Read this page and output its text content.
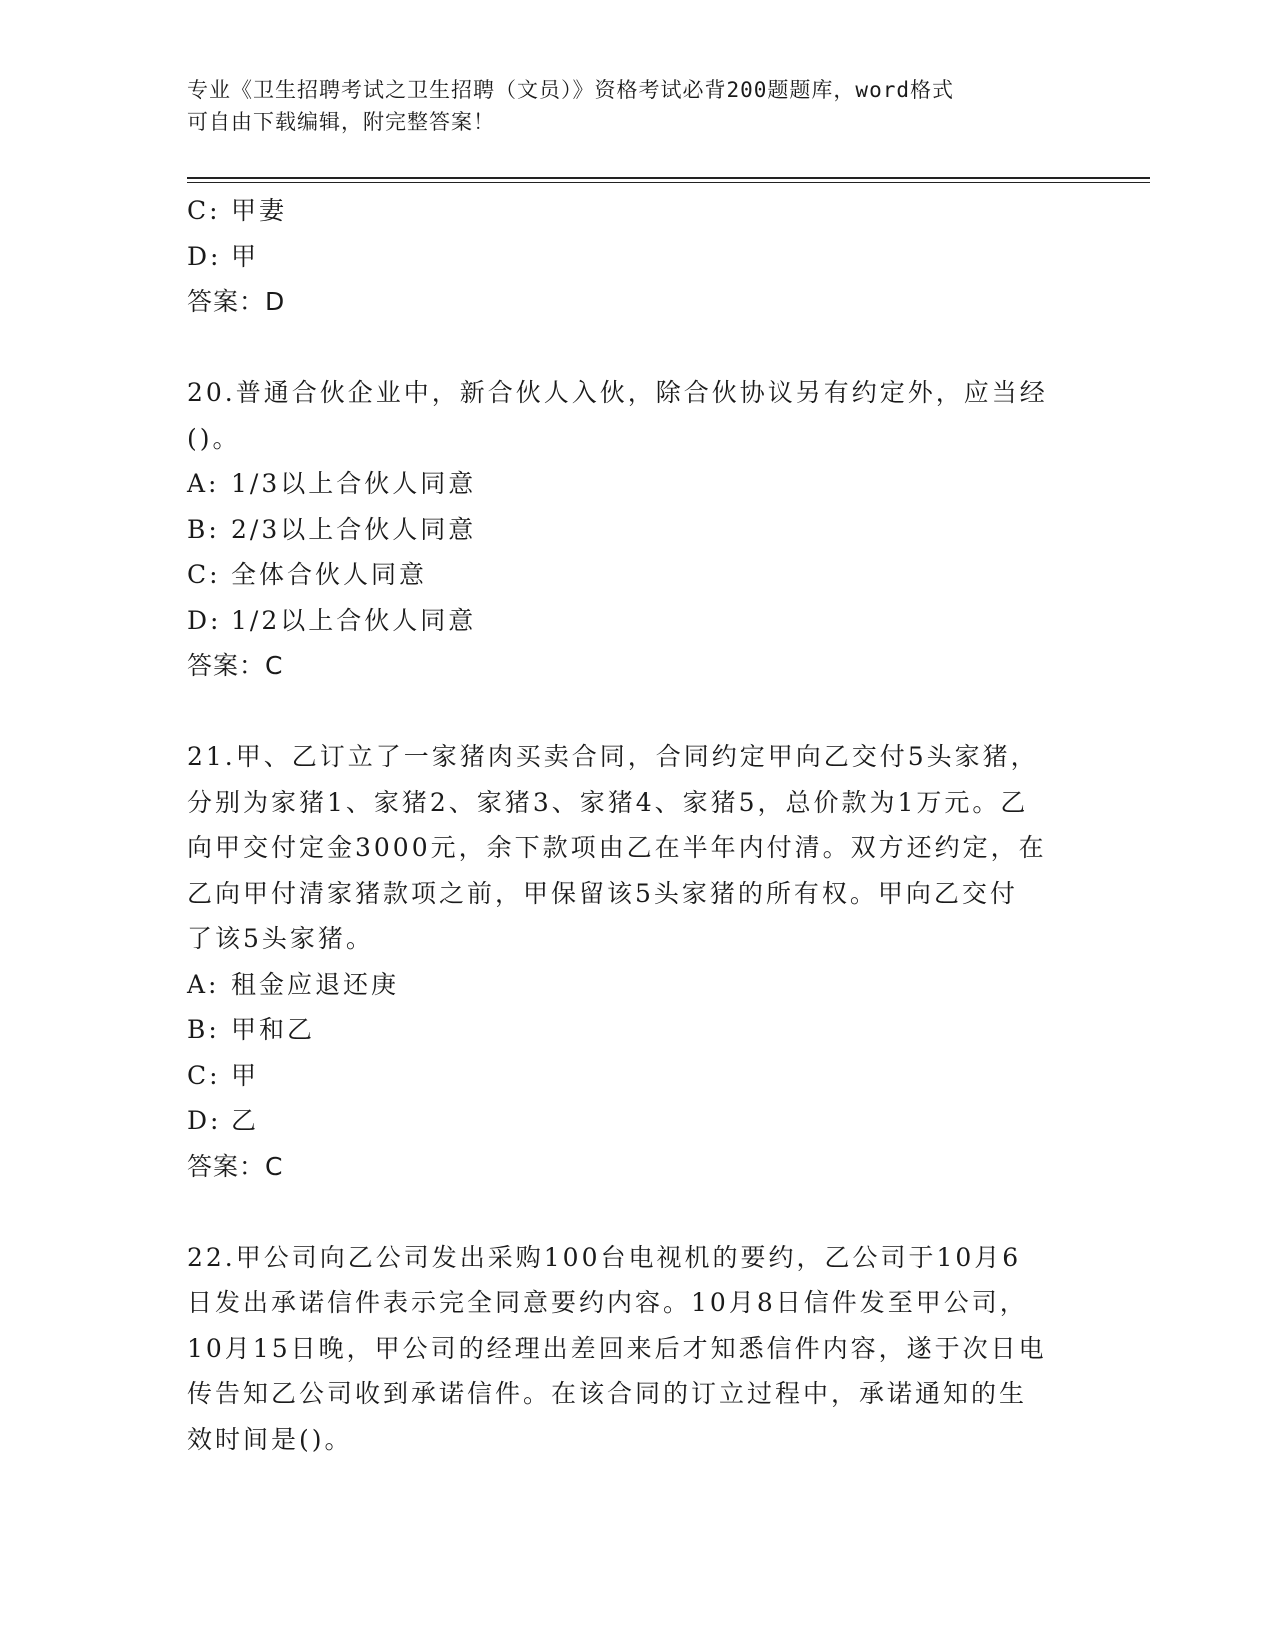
专业《卫生招聘考试之卫生招聘（文员）》资格考试必背200题题库，word格式
可自由下载编辑，附完整答案！
C: 甲妻
D: 甲
答案：D
20.普通合伙企业中，新合伙人入伙，除合伙协议另有约定外，应当经
()。
A: 1/3以上合伙人同意
B: 2/3以上合伙人同意
C: 全体合伙人同意
D: 1/2以上合伙人同意
答案：C
21.甲、乙订立了一家猪肉买卖合同，合同约定甲向乙交付5头家猪，
分别为家猪1、家猪2、家猪3、家猪4、家猪5，总价款为1万元。乙
向甲交付定金3000元，余下款项由乙在半年内付清。双方还约定，在
乙向甲付清家猪款项之前，甲保留该5头家猪的所有权。甲向乙交付
了该5头家猪。
A: 租金应退还庚
B: 甲和乙
C: 甲
D: 乙
答案：C
22.甲公司向乙公司发出采购100台电视机的要约，乙公司于10月6
日发出承诺信件表示完全同意要约内容。10月8日信件发至甲公司，
10月15日晚，甲公司的经理出差回来后才知悉信件内容，遂于次日电
传告知乙公司收到承诺信件。在该合同的订立过程中，承诺通知的生
效时间是()。
